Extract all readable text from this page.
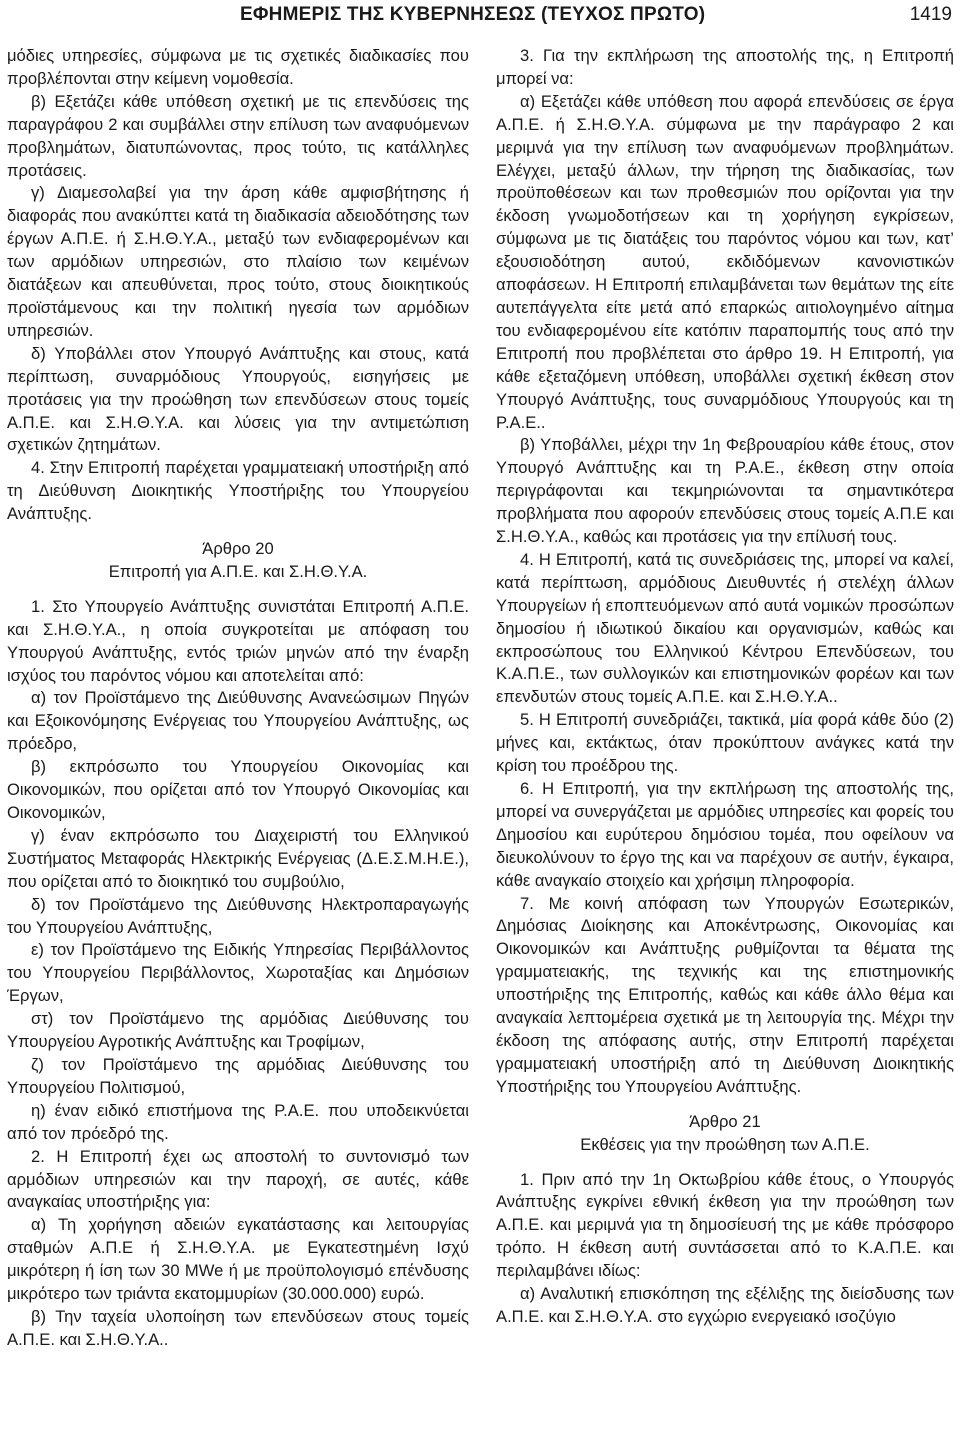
ΕΦΗΜΕΡΙΣ ΤΗΣ ΚΥΒΕΡΝΗΣΕΩΣ (ΤΕΥΧΟΣ ΠΡΩΤΟ)	1419

μόδιες υπηρεσίες, σύμφωνα με τις σχετικές διαδικασίες που προβλέπονται στην κείμενη νομοθεσία.

β) Εξετάζει κάθε υπόθεση σχετική με τις επενδύσεις της παραγράφου 2 και συμβάλλει στην επίλυση των αναφυόμενων προβλημάτων, διατυπώνοντας, προς τούτο, τις κατάλληλες προτάσεις.

γ) Διαμεσολαβεί για την άρση κάθε αμφισβήτησης ή διαφοράς που ανακύπτει κατά τη διαδικασία αδειοδότησης των έργων Α.Π.Ε. ή Σ.Η.Θ.Υ.Α., μεταξύ των ενδιαφερομένων και των αρμόδιων υπηρεσιών, στο πλαίσιο των κειμένων διατάξεων και απευθύνεται, προς τούτο, στους διοικητικούς προϊστάμενους και την πολιτική ηγεσία των αρμόδιων υπηρεσιών.

δ) Υποβάλλει στον Υπουργό Ανάπτυξης και στους, κατά περίπτωση, συναρμόδιους Υπουργούς, εισηγήσεις με προτάσεις για την προώθηση των επενδύσεων στους τομείς Α.Π.Ε. και Σ.Η.Θ.Υ.Α. και λύσεις για την αντιμετώπιση σχετικών ζητημάτων.

4. Στην Επιτροπή παρέχεται γραμματειακή υποστήριξη από τη Διεύθυνση Διοικητικής Υποστήριξης του Υπουργείου Ανάπτυξης.

Άρθρο 20

Επιτροπή για Α.Π.Ε. και Σ.Η.Θ.Υ.Α.

1. Στο Υπουργείο Ανάπτυξης συνιστάται Επιτροπή Α.Π.Ε. και Σ.Η.Θ.Υ.Α., η οποία συγκροτείται με απόφαση του Υπουργού Ανάπτυξης, εντός τριών μηνών από την έναρξη ισχύος του παρόντος νόμου και αποτελείται από:

α) τον Προϊστάμενο της Διεύθυνσης Ανανεώσιμων Πηγών και Εξοικονόμησης Ενέργειας του Υπουργείου Ανάπτυξης, ως πρόεδρο,

β) εκπρόσωπο του Υπουργείου Οικονομίας και Οικονομικών, που ορίζεται από τον Υπουργό Οικονομίας και Οικονομικών,

γ) έναν εκπρόσωπο του Διαχειριστή του Ελληνικού Συστήματος Μεταφοράς Ηλεκτρικής Ενέργειας (Δ.Ε.Σ.Μ.Η.Ε.), που ορίζεται από το διοικητικό του συμβούλιο,

δ) τον Προϊστάμενο της Διεύθυνσης Ηλεκτροπαραγωγής του Υπουργείου Ανάπτυξης,

ε) τον Προϊστάμενο της Ειδικής Υπηρεσίας Περιβάλλοντος του Υπουργείου Περιβάλλοντος, Χωροταξίας και Δημόσιων Έργων,

στ) τον Προϊστάμενο της αρμόδιας Διεύθυνσης του Υπουργείου Αγροτικής Ανάπτυξης και Τροφίμων,

ζ) τον Προϊστάμενο της αρμόδιας Διεύθυνσης του Υπουργείου Πολιτισμού,

η) έναν ειδικό επιστήμονα της Ρ.Α.Ε. που υποδεικνύεται από τον πρόεδρό της.

2. Η Επιτροπή έχει ως αποστολή το συντονισμό των αρμόδιων υπηρεσιών και την παροχή, σε αυτές, κάθε αναγκαίας υποστήριξης για:

α) Τη χορήγηση αδειών εγκατάστασης και λειτουργίας σταθμών Α.Π.Ε ή Σ.Η.Θ.Υ.Α. με Εγκατεστημένη Ισχύ μικρότερη ή ίση των 30 MWe ή με προϋπολογισμό επένδυσης μικρότερο των τριάντα εκατομμυρίων (30.000.000) ευρώ.

β) Την ταχεία υλοποίηση των επενδύσεων στους τομείς Α.Π.Ε. και Σ.Η.Θ.Υ.Α..

3. Για την εκπλήρωση της αποστολής της, η Επιτροπή μπορεί να:

α) Εξετάζει κάθε υπόθεση που αφορά επενδύσεις σε έργα Α.Π.Ε. ή Σ.Η.Θ.Υ.Α. σύμφωνα με την παράγραφο 2 και μεριμνά για την επίλυση των αναφυόμενων προβλημάτων. Ελέγχει, μεταξύ άλλων, την τήρηση της διαδικασίας, των προϋποθέσεων και των προθεσμιών που ορίζονται για την έκδοση γνωμοδοτήσεων και τη χορήγηση εγκρίσεων, σύμφωνα με τις διατάξεις του παρόντος νόμου και των, κατ’ εξουσιοδότηση αυτού, εκδιδόμενων κανονιστικών αποφάσεων. Η Επιτροπή επιλαμβάνεται των θεμάτων της είτε αυτεπάγγελτα είτε μετά από επαρκώς αιτιολογημένο αίτημα του ενδιαφερομένου είτε κατόπιν παραπομπής τους από την Επιτροπή που προβλέπεται στο άρθρο 19. Η Επιτροπή, για κάθε εξεταζόμενη υπόθεση, υποβάλλει σχετική έκθεση στον Υπουργό Ανάπτυξης, τους συναρμόδιους Υπουργούς και τη Ρ.Α.Ε..

β) Υποβάλλει, μέχρι την 1η Φεβρουαρίου κάθε έτους, στον Υπουργό Ανάπτυξης και τη Ρ.Α.Ε., έκθεση στην οποία περιγράφονται και τεκμηριώνονται τα σημαντικότερα προβλήματα που αφορούν επενδύσεις στους τομείς Α.Π.Ε και Σ.Η.Θ.Υ.Α., καθώς και προτάσεις για την επίλυσή τους.

4. Η Επιτροπή, κατά τις συνεδριάσεις της, μπορεί να καλεί, κατά περίπτωση, αρμόδιους Διευθυντές ή στελέχη άλλων Υπουργείων ή εποπτευόμενων από αυτά νομικών προσώπων δημοσίου ή ιδιωτικού δικαίου και οργανισμών, καθώς και εκπροσώπους του Ελληνικού Κέντρου Επενδύσεων, του Κ.Α.Π.Ε., των συλλογικών και επιστημονικών φορέων και των επενδυτών στους τομείς Α.Π.Ε. και Σ.Η.Θ.Υ.Α..

5. Η Επιτροπή συνεδριάζει, τακτικά, μία φορά κάθε δύο (2) μήνες και, εκτάκτως, όταν προκύπτουν ανάγκες κατά την κρίση του προέδρου της.

6. Η Επιτροπή, για την εκπλήρωση της αποστολής της, μπορεί να συνεργάζεται με αρμόδιες υπηρεσίες και φορείς του Δημοσίου και ευρύτερου δημόσιου τομέα, που οφείλουν να διευκολύνουν το έργο της και να παρέχουν σε αυτήν, έγκαιρα, κάθε αναγκαίο στοιχείο και χρήσιμη πληροφορία.

7. Με κοινή απόφαση των Υπουργών Εσωτερικών, Δημόσιας Διοίκησης και Αποκέντρωσης, Οικονομίας και Οικονομικών και Ανάπτυξης ρυθμίζονται τα θέματα της γραμματειακής, της τεχνικής και της επιστημονικής υποστήριξης της Επιτροπής, καθώς και κάθε άλλο θέμα και αναγκαία λεπτομέρεια σχετικά με τη λειτουργία της. Μέχρι την έκδοση της απόφασης αυτής, στην Επιτροπή παρέχεται γραμματειακή υποστήριξη από τη Διεύθυνση Διοικητικής Υποστήριξης του Υπουργείου Ανάπτυξης.

Άρθρο 21

Εκθέσεις για την προώθηση των Α.Π.Ε.

1. Πριν από την 1η Οκτωβρίου κάθε έτους, ο Υπουργός Ανάπτυξης εγκρίνει εθνική έκθεση για την προώθηση των Α.Π.Ε. και μεριμνά για τη δημοσίευσή της με κάθε πρόσφορο τρόπο. Η έκθεση αυτή συντάσσεται από το Κ.Α.Π.Ε. και περιλαμβάνει ιδίως:

α) Αναλυτική επισκόπηση της εξέλιξης της διείσδυσης των Α.Π.Ε. και Σ.Η.Θ.Υ.Α. στο εγχώριο ενεργειακό ισοζύγιο
